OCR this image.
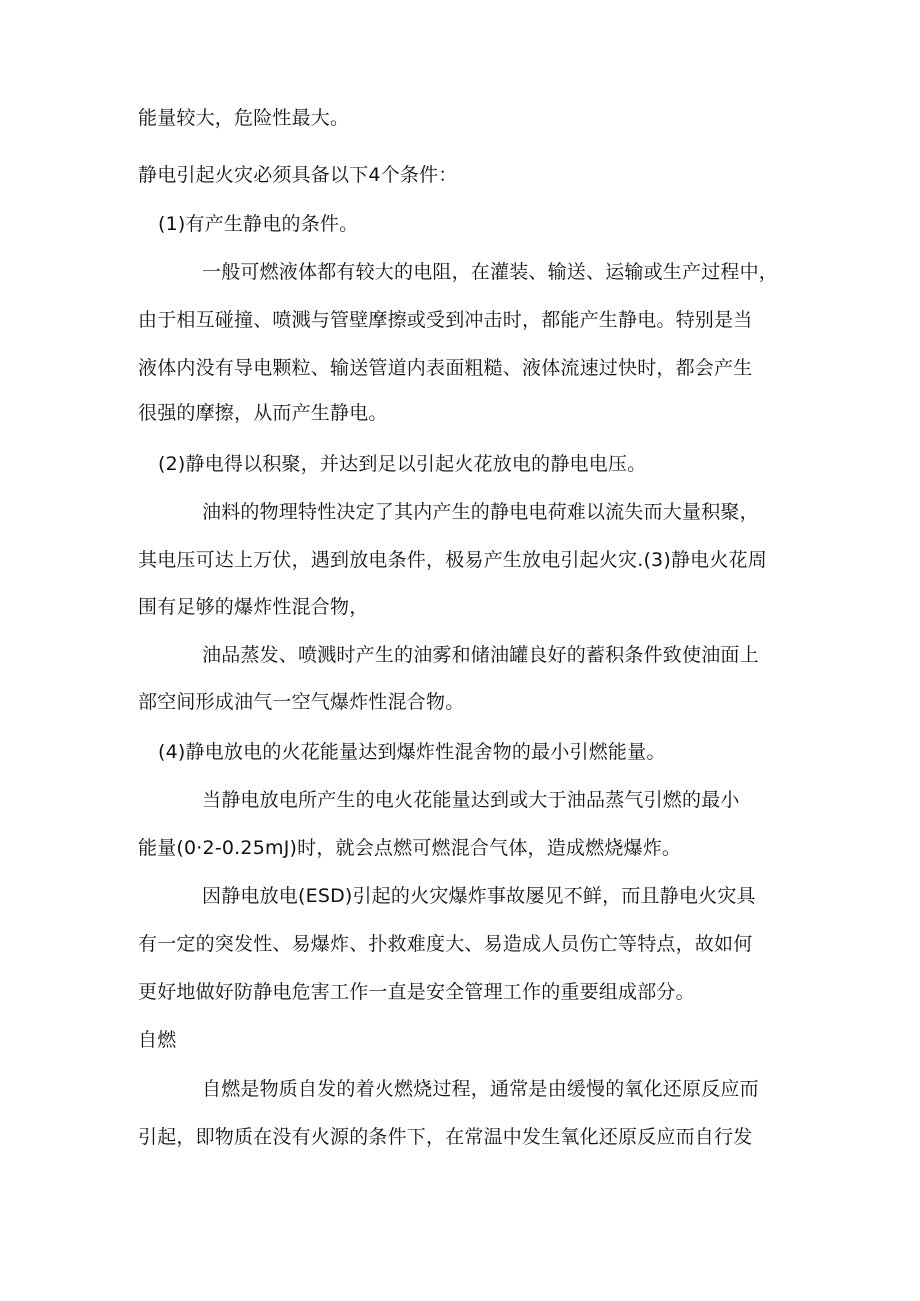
能量较大，危险性最大。
静电引起火灾必须具备以下4个条件：
(1)有产生静电的条件。
一般可燃液体都有较大的电阻，在灌装、输送、运输或生产过程中，
由于相互碰撞、喷溅与管壁摩擦或受到冲击时，都能产生静电。特别是当
液体内没有导电颗粒、输送管道内表面粗糙、液体流速过快时，都会产生
很强的摩擦，从而产生静电。
(2)静电得以积聚，并达到足以引起火花放电的静电电压。
油料的物理特性决定了其内产生的静电电荷难以流失而大量积聚，
其电压可达上万伏，遇到放电条件，极易产生放电引起火灾.(3)静电火花周
围有足够的爆炸性混合物，
油品蒸发、喷溅时产生的油雾和储油罐良好的蓄积条件致使油面上
部空间形成油气一空气爆炸性混合物。
(4)静电放电的火花能量达到爆炸性混舍物的最小引燃能量。
当静电放电所产生的电火花能量达到或大于油品蒸气引燃的最小
能量(0·2-0.25mJ)时，就会点燃可燃混合气体，造成燃烧爆炸。
因静电放电(ESD)引起的火灾爆炸事故屡见不鲜，而且静电火灾具
有一定的突发性、易爆炸、扑救难度大、易造成人员伤亡等特点，故如何
更好地做好防静电危害工作一直是安全管理工作的重要组成部分。
自燃
自燃是物质自发的着火燃烧过程，通常是由缓慢的氧化还原反应而
引起，即物质在没有火源的条件下，在常温中发生氧化还原反应而自行发
